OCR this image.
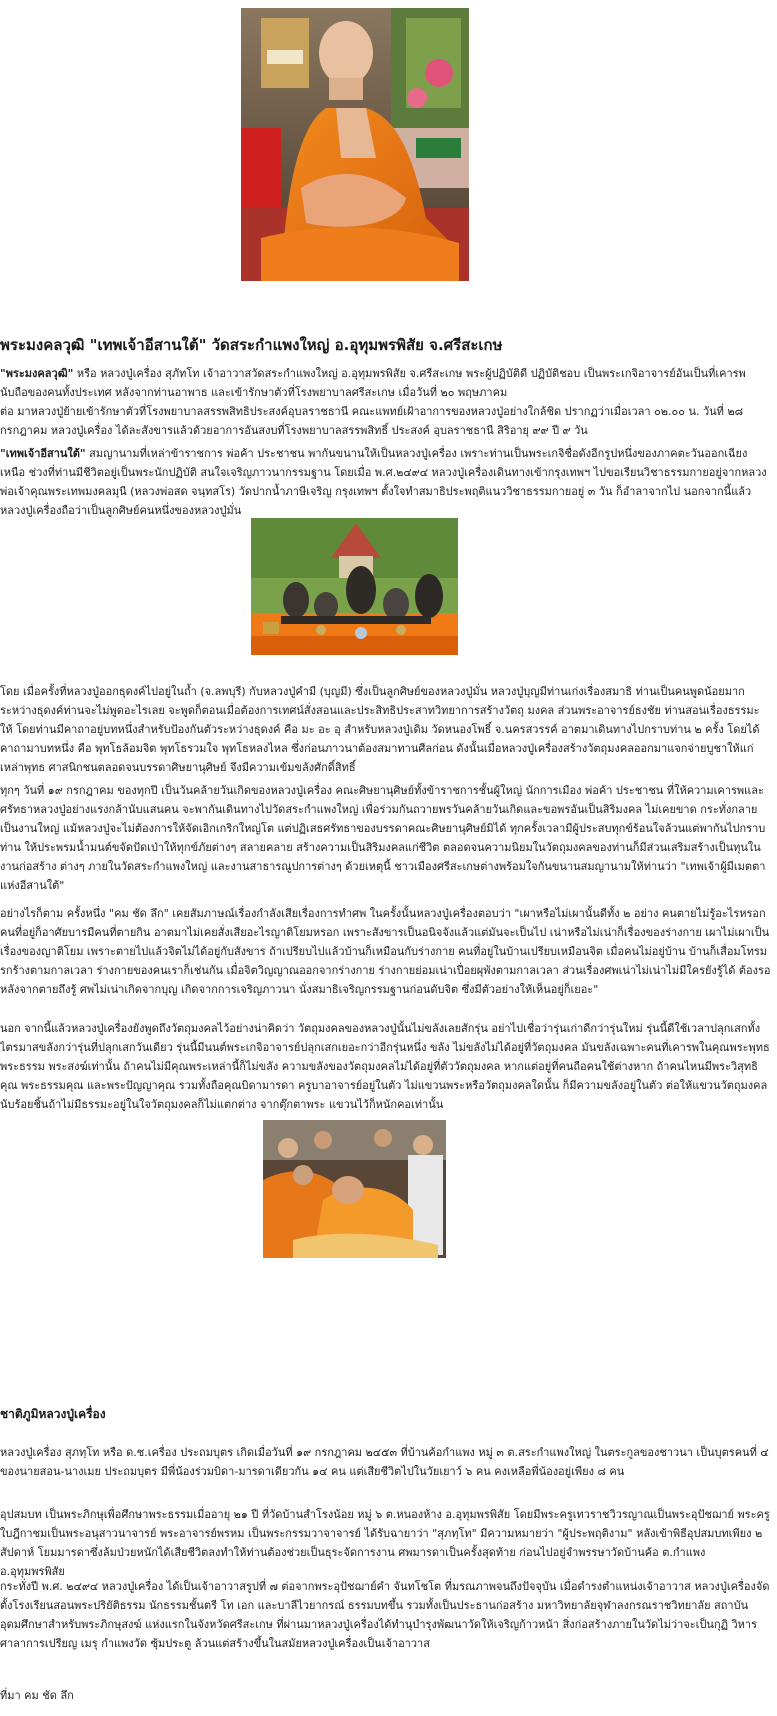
พระมงคลวุฒิ "เทพเจ้าอีสานใต้" วัดสระกำแพงใหญ่ อ.อุทุมพรพิสัย จ.ศรีสะเกษ
"พระมงคลวุฒิ" หรือ หลวงปู่เครื่อง สุภัทโท เจ้าอาวาสวัดสระกำแพงใหญ่ อ.อุทุมพรพิสัย จ.ศรีสะเกษ พระผู้ปฏิบัติดี ปฏิบัติชอบ เป็นพระเกจิอาจารย์อันเป็นที่เคารพนับถือของคนทั้งประเทศ หลังจากท่านอาพาธ และเข้ารักษาตัวที่โรงพยาบาลศรีสะเกษ เมื่อวันที่ ๒๐ พฤษภาคม
ต่อ มาหลวงปู่ย้ายเข้ารักษาตัวที่โรงพยาบาลสรรพสิทธิประสงค์อุบลราชธานี คณะแพทย์เฝ้าอาการของหลวงปู่อย่างใกล้ชิด ปรากฏว่าเมื่อเวลา ๐๒.๐๐ น. วันที่ ๒๘ กรกฎาคม หลวงปู่เครื่อง ได้ละสังขารแล้วด้วยอาการอันสงบที่โรงพยาบาลสรรพสิทธิ์ ประสงค์ อุบลราชธานี สิริอายุ ๙๙ ปี ๙ วัน
"เทพเจ้าอีสานใต้" สมญานามที่เหล่าข้าราชการ พ่อค้า ประชาชน พากันขนานให้เป็นหลวงปู่เครื่อง เพราะท่านเป็นพระเกจิชื่อดังอีกรูปหนึ่งของภาคตะวันออกเฉียงเหนือ ช่วงที่ท่านมีชีวิตอยู่เป็นพระนักปฏิบัติ สนใจเจริญภาวนากรรมฐาน โดยเมื่อ พ.ศ.๒๔๙๔ หลวงปู่เครื่องเดินทางเข้ากรุงเทพฯ ไปขอเรียนวิชาธรรมกายอยู่จากหลวงพ่อเจ้าคุณพระเทพมงคลมุนี (หลวงพ่อสด จนฺทสโร) วัดปากน้ำภาษีเจริญ กรุงเทพฯ ตั้งใจทำสมาธิประพฤติแนววิชาธรรมกายอยู่ ๓ วัน ก็อำลาจากไป นอกจากนี้แล้วหลวงปู่เครื่องถือว่าเป็นลูกศิษย์คนหนึ่งของหลวงปู่มั่น
โดย เมื่อครั้งที่หลวงปู่ออกธุดงค์ไปอยู่ในถ้ำ (จ.ลพบุรี) กับหลวงปู่คำมี (บุญมี) ซึ่งเป็นลูกศิษย์ของหลวงปู่มั่น หลวงปู่บุญมีท่านเก่งเรื่องสมาธิ ท่านเป็นคนพูดน้อยมาก ระหว่างธุดงค์ท่านจะไม่พูดอะไรเลย จะพูดก็ตอนเมื่อต้องการเทศน์สั่งสอนและประสิทธิประสาทวิทยาการสร้างวัตถุ มงคล ส่วนพระอาจารย์ธงชัย ท่านสอนเรื่องธรรมะให้ โดยท่านมีคาถาอยู่บทหนึ่งสำหรับป้องกันตัวระหว่างธุดงค์ คือ มะ อะ อุ สำหรับหลวงปู่เดิม วัดหนองโพธิ์ จ.นครสวรรค์ อาตมาเดินทางไปกราบท่าน ๒ ครั้ง โดยได้คาถามาบทหนึ่ง คือ พุทโธล้อมจิต พุทโธรวมใจ พุทโธหลงไหล ซึ่งก่อนภาวนาต้องสมาทานศีลก่อน ดังนั้นเมื่อหลวงปู่เครื่องสร้างวัตถุมงคลออกมาแจกจ่ายบูชาให้แก่เหล่าพุทธ ศาสนิกชนตลอดจนบรรดาศิษยานุศิษย์ จึงมีความเข้มขลังศักดิ์สิทธิ์
ทุกๆ วันที่ ๑๙ กรกฎาคม ของทุกปี เป็นวันคล้ายวันเกิดของหลวงปู่เครื่อง คณะศิษยานุศิษย์ทั้งข้าราชการชั้นผู้ใหญ่ นักการเมือง พ่อค้า ประชาชน ที่ให้ความเคารพและศรัทธาหลวงปู่อย่างแรงกล้านับแสนคน จะพากันเดินทางไปวัดสระกำแพงใหญ่ เพื่อร่วมกันถวายพรวันคล้ายวันเกิดและขอพรอันเป็นสิริมงคล ไม่เคยขาด กระทั่งกลายเป็นงานใหญ่ แม้หลวงปู่จะไม่ต้องการให้จัดเอิกเกริกใหญ่โต แต่ปฏิเสธศรัทธาของบรรดาคณะศิษยานุศิษย์มิได้ ทุกครั้งเวลามีผู้ประสบทุกข์ร้อนใจล้วนแต่พากันไปกราบท่าน ให้ประพรมน้ำมนต์ขจัดปัดเป่าให้ทุกข์ภัยต่างๆ สลายคลาย สร้างความเป็นสิริมงคลแก่ชีวิต ตลอดจนความนิยมในวัตถุมงคลของท่านก็มีส่วนเสริมสร้างเป็นทุนในงานก่อสร้าง ต่างๆ ภายในวัดสระกำแพงใหญ่ และงานสาธารณูปการต่างๆ ด้วยเหตุนี้ ชาวเมืองศรีสะเกษต่างพร้อมใจกันขนานสมญานามให้ท่านว่า "เทพเจ้าผู้มีเมตตาแห่งอีสานใต้"
อย่างไรก็ตาม ครั้งหนึ่ง "คม ชัด ลึก" เคยสัมภาษณ์เรื่องกำลังเสียเรื่องการทำศพ ในครั้งนั้นหลวงปู่เครื่องตอบว่า "เผาหรือไม่เผานั้นดีทั้ง ๒ อย่าง คนตายไม่รู้อะไรหรอก คนที่อยู่ก็อาศัยบารมีคนที่ตายกิน อาตมาไม่เคยสั่งเสียอะไรญาติโยมหรอก เพราะสังขารเป็นอนิจจังแล้วแต่มันจะเป็นไป เน่าหรือไม่เน่าก็เรื่องของร่างกาย เผาไม่เผาเป็นเรื่องของญาติโยม เพราะตายไปแล้วจิตไม่ได้อยู่กับสังขาร ถ้าเปรียบไปแล้วบ้านก็เหมือนกับร่างกาย คนที่อยู่ในบ้านเปรียบเหมือนจิต เมื่อคนไม่อยู่บ้าน บ้านก็เสื่อมโทรมรกร้างตามกาลเวลา ร่างกายของคนเราก็เช่นกัน เมื่อจิตวิญญาณออกจากร่างกาย ร่างกายย่อมเน่าเปื่อยผุพังตามกาลเวลา ส่วนเรื่องศพเน่าไม่เน่าไม่มีใครยังรู้ได้ ต้องรอหลังจากตายถึงรู้ ศพไม่เน่าเกิดจากบุญ เกิดจากการเจริญภาวนา นั่งสมาธิเจริญกรรมฐานก่อนดับจิต ซึ่งมีตัวอย่างให้เห็นอยู่ก็เยอะ"
นอก จากนี้แล้วหลวงปู่เครื่องยังพูดถึงวัตถุมงคลไว้อย่างน่าคิดว่า วัตถุมงคลของหลวงปู่นั้นไม่ขลังเลยสักรุ่น อย่าไปเชื่อว่ารุ่นเก่าดีกว่ารุ่นใหม่ รุ่นนี้ดีใช้เวลาปลุกเสกทั้งไตรมาสขลังกว่ารุ่นที่ปลุกเสกวันเดียว รุ่นนี้มีนนต์พระเกจิอาจารย์ปลุกเสกเยอะกว่าอีกรุ่นหนึ่ง ขลัง ไม่ขลังไม่ได้อยู่ที่วัตถุมงคล มันขลังเฉพาะคนที่เคารพในคุณพระพุทธ พระธรรม พระสงฆ์เท่านั้น ถ้าคนไม่มีคุณพระเหล่านี้ก็ไม่ขลัง ความขลังของวัตถุมงคลไม่ได้อยู่ที่ตัววัตถุมงคล หากแต่อยู่ที่คนถือคนใช้ต่างหาก ถ้าคนไหนมีพระวิสุทธิคุณ พระธรรมคุณ และพระปัญญาคุณ รวมทั้งถือคุณบิดามารดา ครูบาอาจารย์อยู่ในตัว ไม่แขวนพระหรือวัตถุมงคลใดนั้น ก็มีความขลังอยู่ในตัว ต่อให้แขวนวัตถุมงคลนับร้อยชิ้นถ้าไม่มีธรรมะอยู่ในใจวัตถุมงคลก็ไม่แตกต่าง จากตุ๊กตาพระ แขวนไว้ก็หนักคอเท่านั้น
ชาติภูมิหลวงปู่เครื่อง
หลวงปู่เครื่อง สุภทฺโท หรือ ด.ช.เครื่อง ประถมบุตร เกิดเมื่อวันที่ ๑๙ กรกฎาคม ๒๔๕๓ ที่บ้านค้อกำแพง หมู่ ๓ ต.สระกำแพงใหญ่ ในตระกูลของชาวนา เป็นบุตรคนที่ ๔ ของนายสอน-นางเมย ประถมบุตร มีพี่น้องร่วมบิดา-มารดาเดียวกัน ๑๔ คน แต่เสียชีวิตไปในวัยเยาว์ ๖ คน คงเหลือพี่น้องอยู่เพียง ๘ คน
อุปสมบท เป็นพระภิกษุเพื่อศึกษาพระธรรมเมื่ออายุ ๒๑ ปี ที่วัดบ้านสำโรงน้อย หมู่ ๖ ต.หนองห้าง อ.อุทุมพรพิสัย โดยมีพระครูเทวราชวิวรญาณเป็นพระอุปัชฌาย์ พระครูใบฎีกาชมเป็นพระอนุสาวนาจารย์ พระอาจารย์พรหม เป็นพระกรรมวาจาจารย์ ได้รับฉายาว่า "สุภทฺโท" มีความหมายว่า "ผู้ประพฤติงาม" หลังเข้าพิธีอุปสมบทเพียง ๒ สัปดาห์ โยมมารดาซึ่งล้มป่วยหนักได้เสียชีวิตลงทำให้ท่านต้องช่วยเป็นธุระจัดการงาน ศพมารดาเป็นครั้งสุดท้าย ก่อนไปอยู่จำพรรษาวัดบ้านค้อ ต.กำแพง อ.อุทุมพรพิสัย
กระทั่งปี พ.ศ. ๒๔๙๔ หลวงปู่เครื่อง ได้เป็นเจ้าอาวาสรูปที่ ๗ ต่อจากพระอุปัชฌาย์คำ จันทโชโต ที่มรณภาพจนถึงปัจจุบัน เมื่อดำรงตำแหน่งเจ้าอาวาส หลวงปู่เครื่องจัดตั้งโรงเรียนสอนพระปริยัติธรรม นักธรรมชั้นตรี โท เอก และบาลีไวยากรณ์ ธรรมบทขึ้น รวมทั้งเป็นประธานก่อสร้าง มหาวิทยาลัยจุฬาลงกรณราชวิทยาลัย สถาบันอุดมศึกษาสำหรับพระภิกษุสงฆ์ แห่งแรกในจังหวัดศรีสะเกษ ที่ผ่านมาหลวงปู่เครื่องได้ทำนุบำรุงพัฒนาวัดให้เจริญก้าวหน้า สิ่งก่อสร้างภายในวัดไม่ว่าจะเป็นกุฏิ วิหาร ศาลาการเปรียญ เมรุ กำแพงวัด ซุ้มประตู ล้วนแต่สร้างขึ้นในสมัยหลวงปู่เครื่องเป็นเจ้าอาวาส
ที่มา คม ชัด ลึก
